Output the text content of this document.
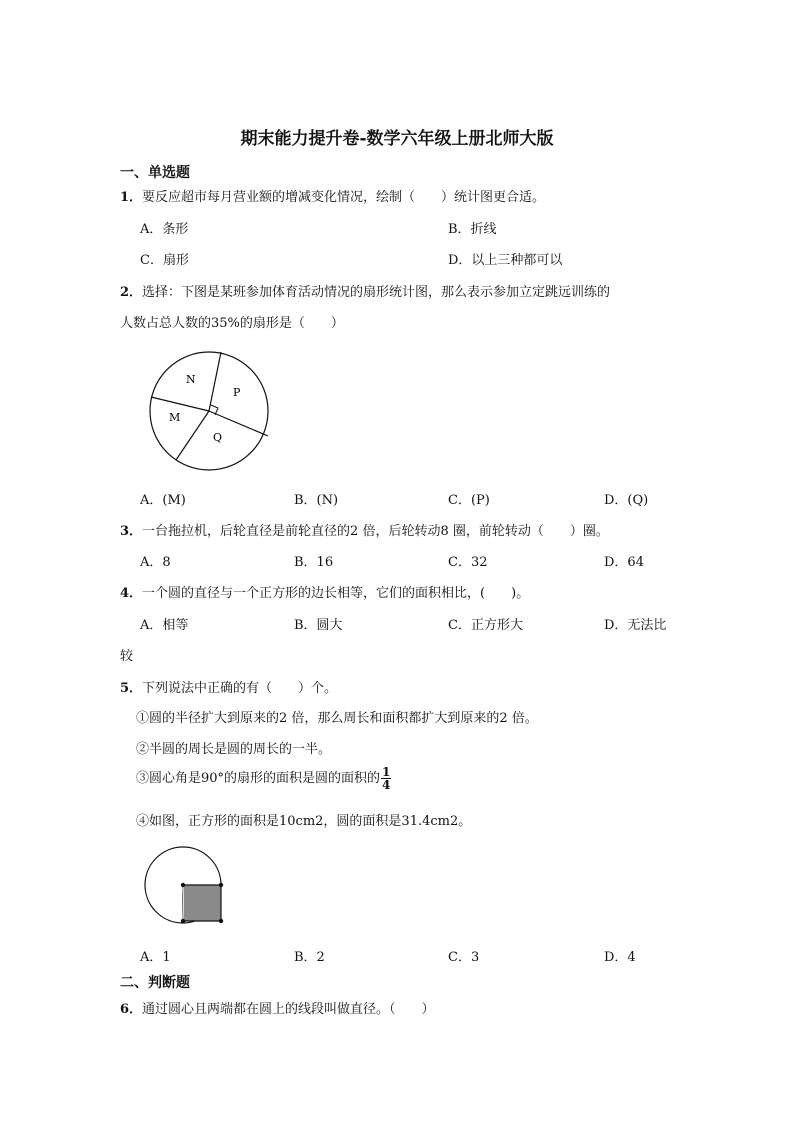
期末能力提升卷-数学六年级上册北师大版
一、单选题
1．要反应超市每月营业额的增减变化情况，绘制（　　）统计图更合适。
A．条形	B．折线
C．扇形	D．以上三种都可以
2．选择：下图是某班参加体育活动情况的扇形统计图，那么表示参加立定跳远训练的
人数占总人数的35%的扇形是（　　）
N
P
M
Q
A．(M)	B．(N)	C．(P)	D．(Q)
3．一台拖拉机，后轮直径是前轮直径的2 倍，后轮转动8 圈，前轮转动（　　）圈。
A．8	B．16	C．32	D．64
4．一个圆的直径与一个正方形的边长相等，它们的面积相比，(　　)。
A．相等	B．圆大	C．正方形大	D．无法比
较
5．下列说法中正确的有（　　）个。
①圆的半径扩大到原来的2 倍，那么周长和面积都扩大到原来的2 倍。
②半圆的周长是圆的周长的一半。
③圆心角是90°的扇形的面积是圆的面积的 $\frac{1}{4}$
④如图，正方形的面积是10cm2，圆的面积是31.4cm2。
A．1	B．2	C．3	D．4
二、判断题
6．通过圆心且两端都在圆上的线段叫做直径。（　　）
